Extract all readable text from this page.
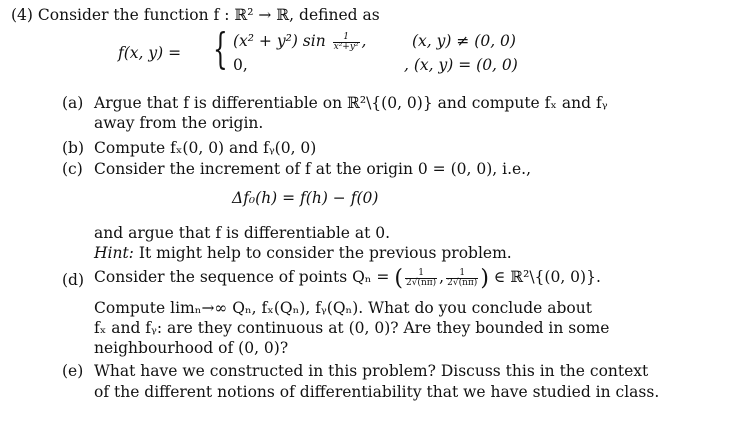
(4) Consider the function f : ℝ² → ℝ, defined as
f(x, y) = { (x² + y²) $\sin \frac{1}{\text{x²+y²}}$ ,	(x, y) ≠ (0, 0)
0,	, (x, y) = (0, 0)
(a) Argue that f is differentiable on ℝ²\{(0, 0)} and compute fₓ and fᵧ
away from the origin.
(b) Compute fₓ(0, 0) and fᵧ(0, 0)
(c) Consider the increment of f at the origin 0 = (0, 0), i.e.,
Δf₀(h) = f(h) − f(0)
and argue that f is differentiable at 0.
Hint: It might help to consider the previous problem.
(d) Consider the sequence of points Qₙ = ( $\frac{1}{2√(n\pi)}$ , $\frac{1}{2√(n\pi)}$ ) ∈ ℝ²\{(0, 0)}.
Compute limₙ→∞ Qₙ, fₓ(Qₙ), fᵧ(Qₙ). What do you conclude about
fₓ and fᵧ: are they continuous at (0, 0)? Are they bounded in some
neighbourhood of (0, 0)?
(e) What have we constructed in this problem? Discuss this in the context
of the different notions of differentiability that we have studied in class.
